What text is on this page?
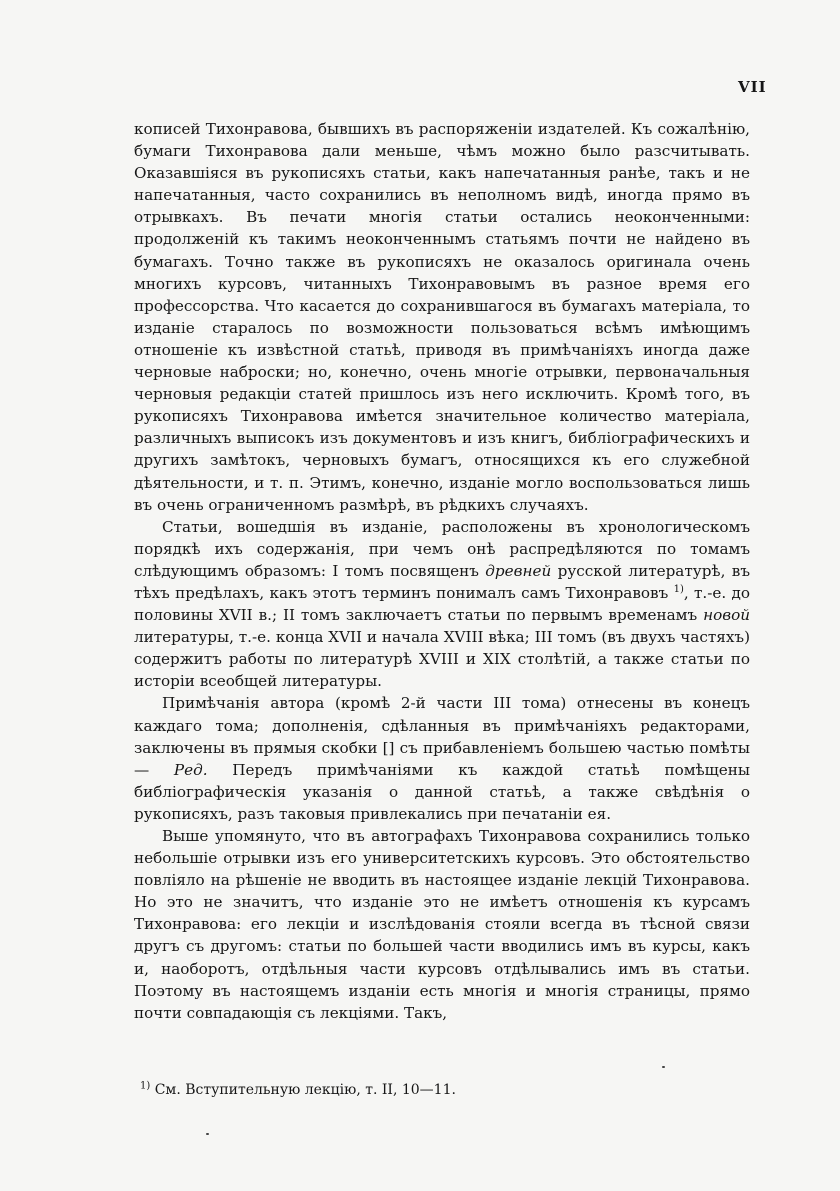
VII

кописей Тихонравова, бывшихъ въ распоряженіи издателей. Къ сожалѣнію, бумаги Тихонравова дали меньше, чѣмъ можно было разсчитывать. Оказавшіяся въ рукописяхъ статьи, какъ напечатанныя ранѣе, такъ и не напечатанныя, часто сохранились въ неполномъ видѣ, иногда прямо въ отрывкахъ. Въ печати многія статьи остались неоконченными: продолженій къ такимъ неоконченнымъ статьямъ почти не найдено въ бумагахъ. Точно также въ рукописяхъ не оказалось оригинала очень многихъ курсовъ, читанныхъ Тихонравовымъ въ разное время его профессорства. Что касается до сохранившагося въ бумагахъ матеріала, то изданіе старалось по возможности пользоваться всѣмъ имѣющимъ отношеніе къ извѣстной статьѣ, приводя въ примѣчаніяхъ иногда даже черновые наброски; но, конечно, очень многіе отрывки, первоначальныя черновыя редакціи статей пришлось изъ него исключить. Кромѣ того, въ рукописяхъ Тихонравова имѣется значительное количество матеріала, различныхъ выписокъ изъ документовъ и изъ книгъ, библіографическихъ и другихъ замѣтокъ, черновыхъ бумагъ, относящихся къ его служебной дѣятельности, и т. п. Этимъ, конечно, изданіе могло воспользоваться лишь въ очень ограниченномъ размѣрѣ, въ рѣдкихъ случаяхъ.

Статьи, вошедшія въ изданіе, расположены въ хронологическомъ порядкѣ ихъ содержанія, при чемъ онѣ распредѣляются по томамъ слѣдующимъ образомъ: I томъ посвященъ древней русской литературѣ, въ тѣхъ предѣлахъ, какъ этотъ терминъ понималъ самъ Тихонравовъ $^{1)}$, т.-е. до половины XVII в.; II томъ заключаетъ статьи по первымъ временамъ новой литературы, т.-е. конца XVII и начала XVIII вѣка; III томъ (въ двухъ частяхъ) содержитъ работы по литературѣ XVIII и XIX столѣтій, а также статьи по исторіи всеобщей литературы.

Примѣчанія автора (кромѣ 2-й части III тома) отнесены въ конецъ каждаго тома; дополненія, сдѣланныя въ примѣчаніяхъ редакторами, заключены въ прямыя скобки [] съ прибавленіемъ большею частью помѣты — Ред. Передъ примѣчаніями къ каждой статьѣ помѣщены библіографическія указанія о данной статьѣ, а также свѣдѣнія о рукописяхъ, разъ таковыя привлекались при печатаніи ея.

Выше упомянуто, что въ автографахъ Тихонравова сохранились только небольшіе отрывки изъ его университетскихъ курсовъ. Это обстоятельство повліяло на рѣшеніе не вводить въ настоящее изданіе лекцій Тихонравова. Но это не значитъ, что изданіе это не имѣетъ отношенія къ курсамъ Тихонравова: его лекціи и изслѣдованія стояли всегда въ тѣсной связи другъ съ другомъ: статьи по большей части вводились имъ въ курсы, какъ и, наоборотъ, отдѣльныя части курсовъ отдѣлывались имъ въ статьи. Поэтому въ настоящемъ изданіи есть многія и многія страницы, прямо почти совпадающія съ лекціями. Такъ,

$^{1)}$ См. Вступительную лекцію, т. II, 10—11.
